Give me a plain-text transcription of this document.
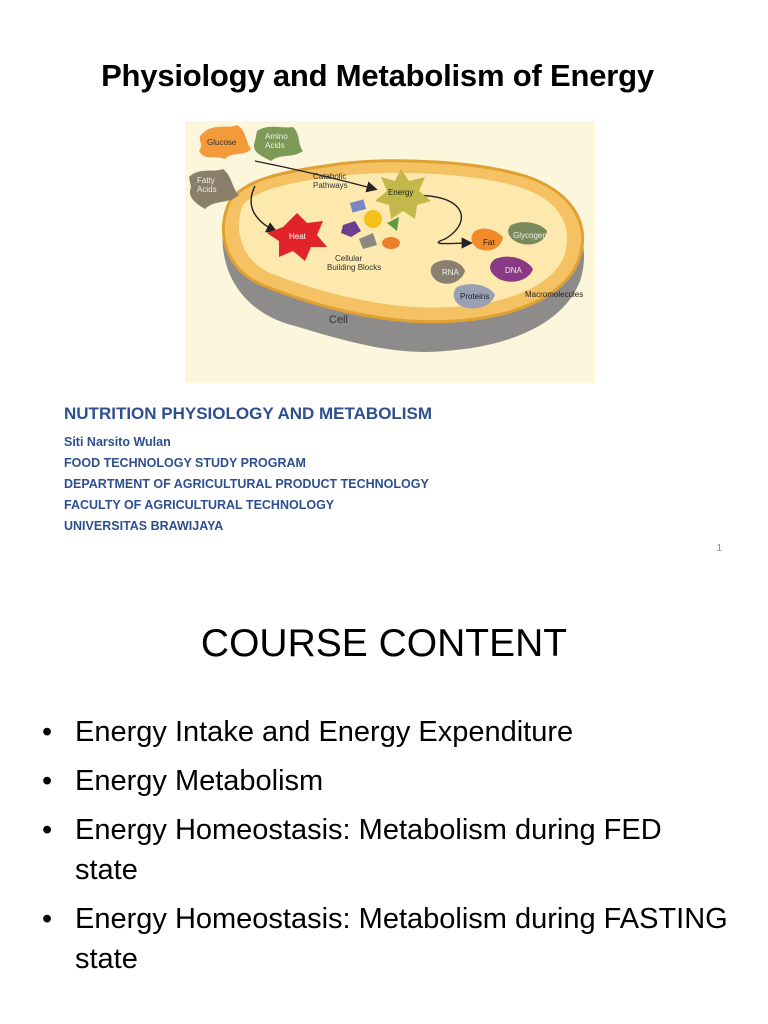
Physiology and Metabolism of Energy
Glucose
Amino
Acids
Fatty
Acids
Catabolic
Pathways
Energy
Heat
Cellular
Building Blocks
Fat
Glycogen
RNA	DNA
Proteins	Macromolecules
Cell
NUTRITION PHYSIOLOGY AND METABOLISM
Siti Narsito Wulan
FOOD TECHNOLOGY STUDY PROGRAM
DEPARTMENT OF AGRICULTURAL PRODUCT TECHNOLOGY
FACULTY OF AGRICULTURAL TECHNOLOGY
UNIVERSITAS BRAWIJAYA
1
COURSE CONTENT
• Energy Intake and Energy Expenditure
• Energy Metabolism
• Energy Homeostasis: Metabolism during FED state
• Energy Homeostasis: Metabolism during FASTING state
